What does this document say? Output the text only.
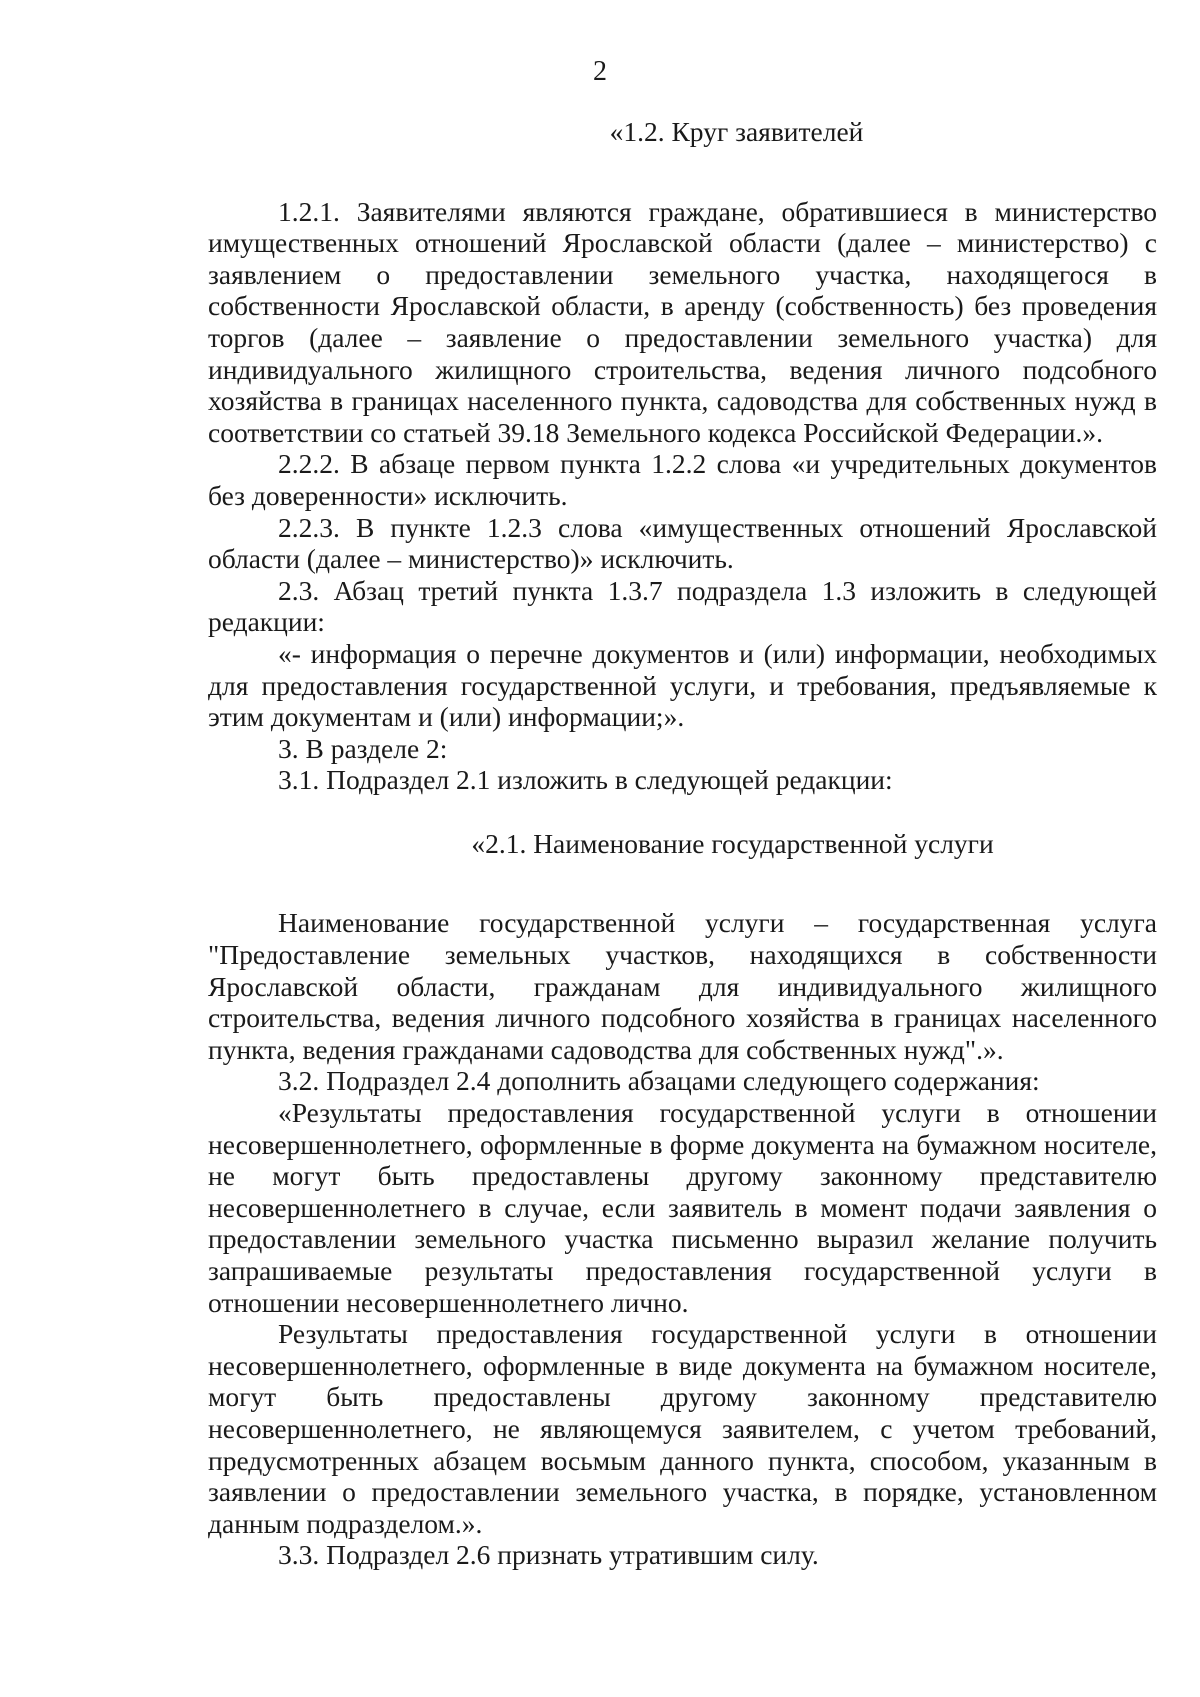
2

«1.2. Круг заявителей

1.2.1. Заявителями являются граждане, обратившиеся в министерство имущественных отношений Ярославской области (далее – министерство) с заявлением о предоставлении земельного участка, находящегося в собственности Ярославской области, в аренду (собственность) без проведения торгов (далее – заявление о предоставлении земельного участка) для индивидуального жилищного строительства, ведения личного подсобного хозяйства в границах населенного пункта, садоводства для собственных нужд в соответствии со статьей 39.18 Земельного кодекса Российской Федерации.».

2.2.2. В абзаце первом пункта 1.2.2 слова «и учредительных документов без доверенности» исключить.

2.2.3. В пункте 1.2.3 слова «имущественных отношений Ярославской области (далее – министерство)» исключить.

2.3. Абзац третий пункта 1.3.7 подраздела 1.3 изложить в следующей редакции:

«- информация о перечне документов и (или) информации, необходимых для предоставления государственной услуги, и требования, предъявляемые к этим документам и (или) информации;».

3. В разделе 2:

3.1. Подраздел 2.1 изложить в следующей редакции:

«2.1. Наименование государственной услуги

Наименование государственной услуги – государственная услуга "Предоставление земельных участков, находящихся в собственности Ярославской области, гражданам для индивидуального жилищного строительства, ведения личного подсобного хозяйства в границах населенного пункта, ведения гражданами садоводства для собственных нужд".».

3.2. Подраздел 2.4 дополнить абзацами следующего содержания:

«Результаты предоставления государственной услуги в отношении несовершеннолетнего, оформленные в форме документа на бумажном носителе, не могут быть предоставлены другому законному представителю несовершеннолетнего в случае, если заявитель в момент подачи заявления о предоставлении земельного участка письменно выразил желание получить запрашиваемые результаты предоставления государственной услуги в отношении несовершеннолетнего лично.

Результаты предоставления государственной услуги в отношении несовершеннолетнего, оформленные в виде документа на бумажном носителе, могут быть предоставлены другому законному представителю несовершеннолетнего, не являющемуся заявителем, с учетом требований, предусмотренных абзацем восьмым данного пункта, способом, указанным в заявлении о предоставлении земельного участка, в порядке, установленном данным подразделом.».

3.3. Подраздел 2.6 признать утратившим силу.
